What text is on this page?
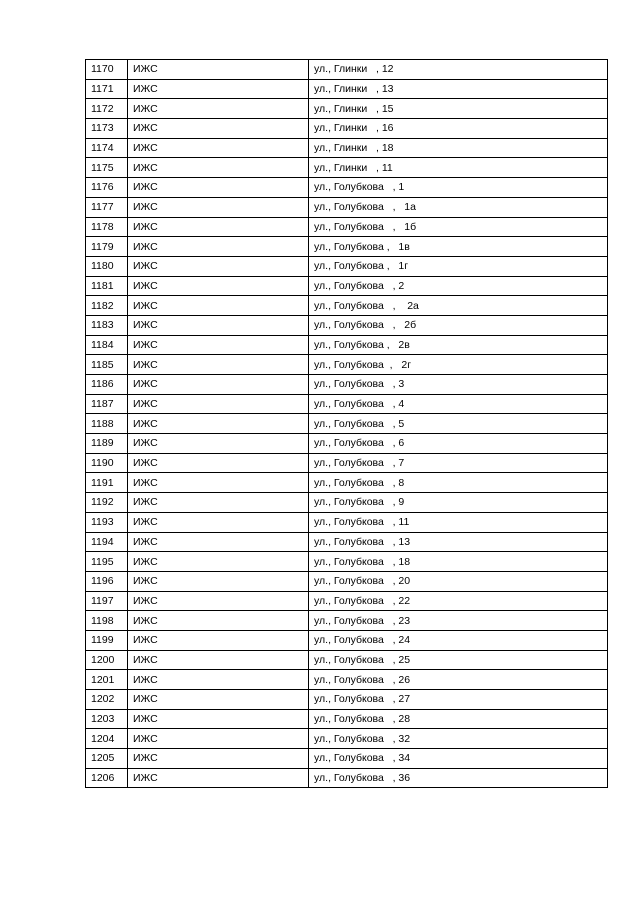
1170	ИЖС	ул., Глинки   , 12
1171	ИЖС	ул., Глинки   , 13
1172	ИЖС	ул., Глинки   , 15
1173	ИЖС	ул., Глинки   , 16
1174	ИЖС	ул., Глинки   , 18
1175	ИЖС	ул., Глинки   , 11
1176	ИЖС	ул., Голубкова   , 1
1177	ИЖС	ул., Голубкова   ,   1а
1178	ИЖС	ул., Голубкова   ,   1б
1179	ИЖС	ул., Голубкова ,   1в
1180	ИЖС	ул., Голубкова ,   1г
1181	ИЖС	ул., Голубкова   , 2
1182	ИЖС	ул., Голубкова   ,    2а
1183	ИЖС	ул., Голубкова   ,   2б
1184	ИЖС	ул., Голубкова ,   2в
1185	ИЖС	ул., Голубкова  ,   2г
1186	ИЖС	ул., Голубкова   , 3
1187	ИЖС	ул., Голубкова   , 4
1188	ИЖС	ул., Голубкова   , 5
1189	ИЖС	ул., Голубкова   , 6
1190	ИЖС	ул., Голубкова   , 7
1191	ИЖС	ул., Голубкова   , 8
1192	ИЖС	ул., Голубкова   , 9
1193	ИЖС	ул., Голубкова   , 11
1194	ИЖС	ул., Голубкова   , 13
1195	ИЖС	ул., Голубкова   , 18
1196	ИЖС	ул., Голубкова   , 20
1197	ИЖС	ул., Голубкова   , 22
1198	ИЖС	ул., Голубкова   , 23
1199	ИЖС	ул., Голубкова   , 24
1200	ИЖС	ул., Голубкова   , 25
1201	ИЖС	ул., Голубкова   , 26
1202	ИЖС	ул., Голубкова   , 27
1203	ИЖС	ул., Голубкова   , 28
1204	ИЖС	ул., Голубкова   , 32
1205	ИЖС	ул., Голубкова   , 34
1206	ИЖС	ул., Голубкова   , 36
